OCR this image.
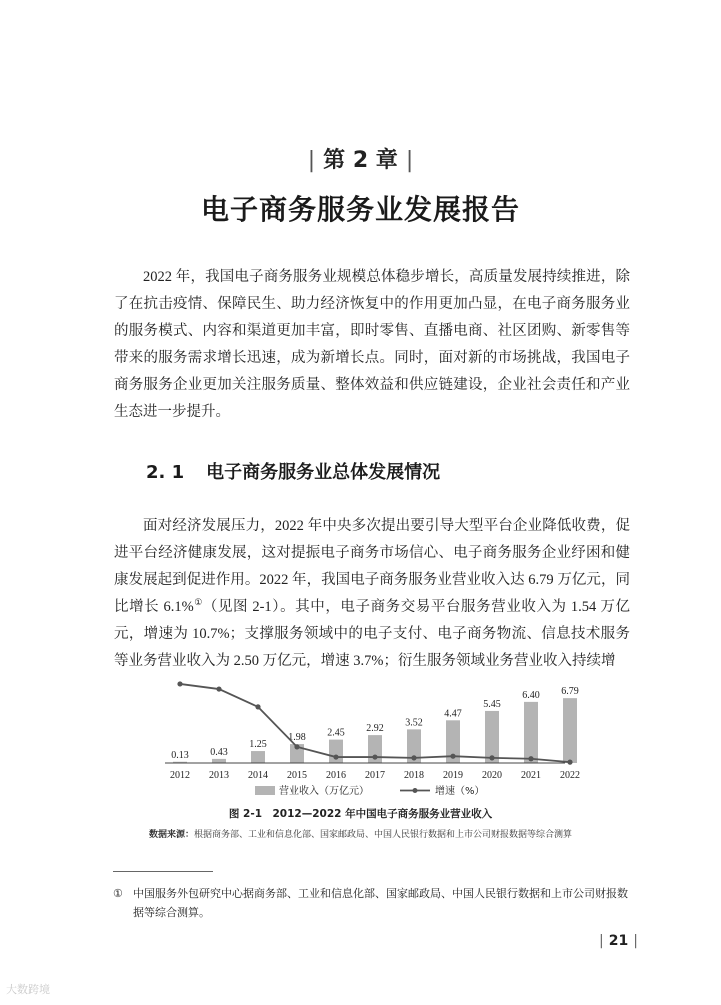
| 第 2 章 |
电子商务服务业发展报告

2022 年，我国电子商务服务业规模总体稳步增长，高质量发展持续推进，除了在抗击疫情、保障民生、助力经济恢复中的作用更加凸显，在电子商务服务业的服务模式、内容和渠道更加丰富，即时零售、直播电商、社区团购、新零售等带来的服务需求增长迅速，成为新增长点。同时，面对新的市场挑战，我国电子商务服务企业更加关注服务质量、整体效益和供应链建设，企业社会责任和产业生态进一步提升。

2. 1 电子商务服务业总体发展情况

面对经济发展压力，2022 年中央多次提出要引导大型平台企业降低收费，促进平台经济健康发展，这对提振电子商务市场信心、电子商务服务企业纾困和健康发展起到促进作用。2022 年，我国电子商务服务业营业收入达 6.79 万亿元，同比增长 6.1%①（见图 2-1）。其中，电子商务交易平台服务营业收入为 1.54 万亿元，增速为 10.7%；支撑服务领域中的电子支付、电子商务物流、信息技术服务等业务营业收入为 2.50 万亿元，增速 3.7%；衍生服务领域业务营业收入持续增

0.13 0.43
1.25
1.98 2.45 2.92
3.52
4.47
5.45
6.40 6.79
2012 2013 2014 2015 2016 2017 2018 2019 2020 2021 2022
营业收入（万亿元）	增速（%）
图 2-1　2012—2022 年中国电子商务服务业营业收入
数据来源：根据商务部、工业和信息化部、国家邮政局、中国人民银行数据和上市公司财报数据等综合测算
① 中国服务外包研究中心据商务部、工业和信息化部、国家邮政局、中国人民银行数据和上市公司财报数据等综合测算。
| 21 |
大数跨境
